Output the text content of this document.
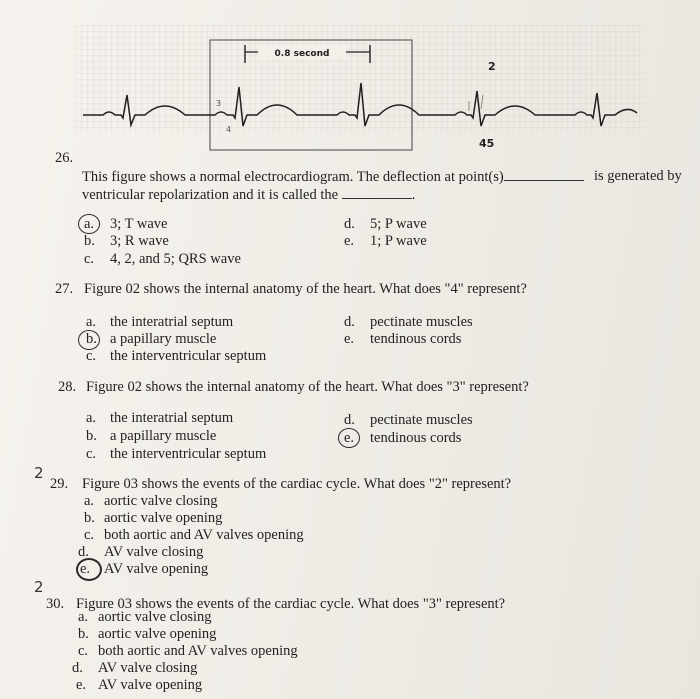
0.8 second
2
45
3
4
26.
This figure shows a normal electrocardiogram. The deflection at point(s)	is generated by
ventricular repolarization and it is called the	.
a. 3; T wave
b. 3; R wave
c. 4, 2, and 5; QRS wave
d. 5; P wave
e. 1; P wave
27. Figure 02 shows the internal anatomy of the heart. What does "4" represent?
a. the interatrial septum
b. a papillary muscle
c. the interventricular septum
d. pectinate muscles
e. tendinous cords
28. Figure 02 shows the internal anatomy of the heart. What does "3" represent?
a. the interatrial septum
b. a papillary muscle
c. the interventricular septum
d. pectinate muscles
e. tendinous cords
2
29. Figure 03 shows the events of the cardiac cycle. What does "2" represent?
a. aortic valve closing
b. aortic valve opening
c. both aortic and AV valves opening
d. AV valve closing
e. AV valve opening
2
30. Figure 03 shows the events of the cardiac cycle. What does "3" represent?
a. aortic valve closing
b. aortic valve opening
c. both aortic and AV valves opening
d. AV valve closing
e. AV valve opening
